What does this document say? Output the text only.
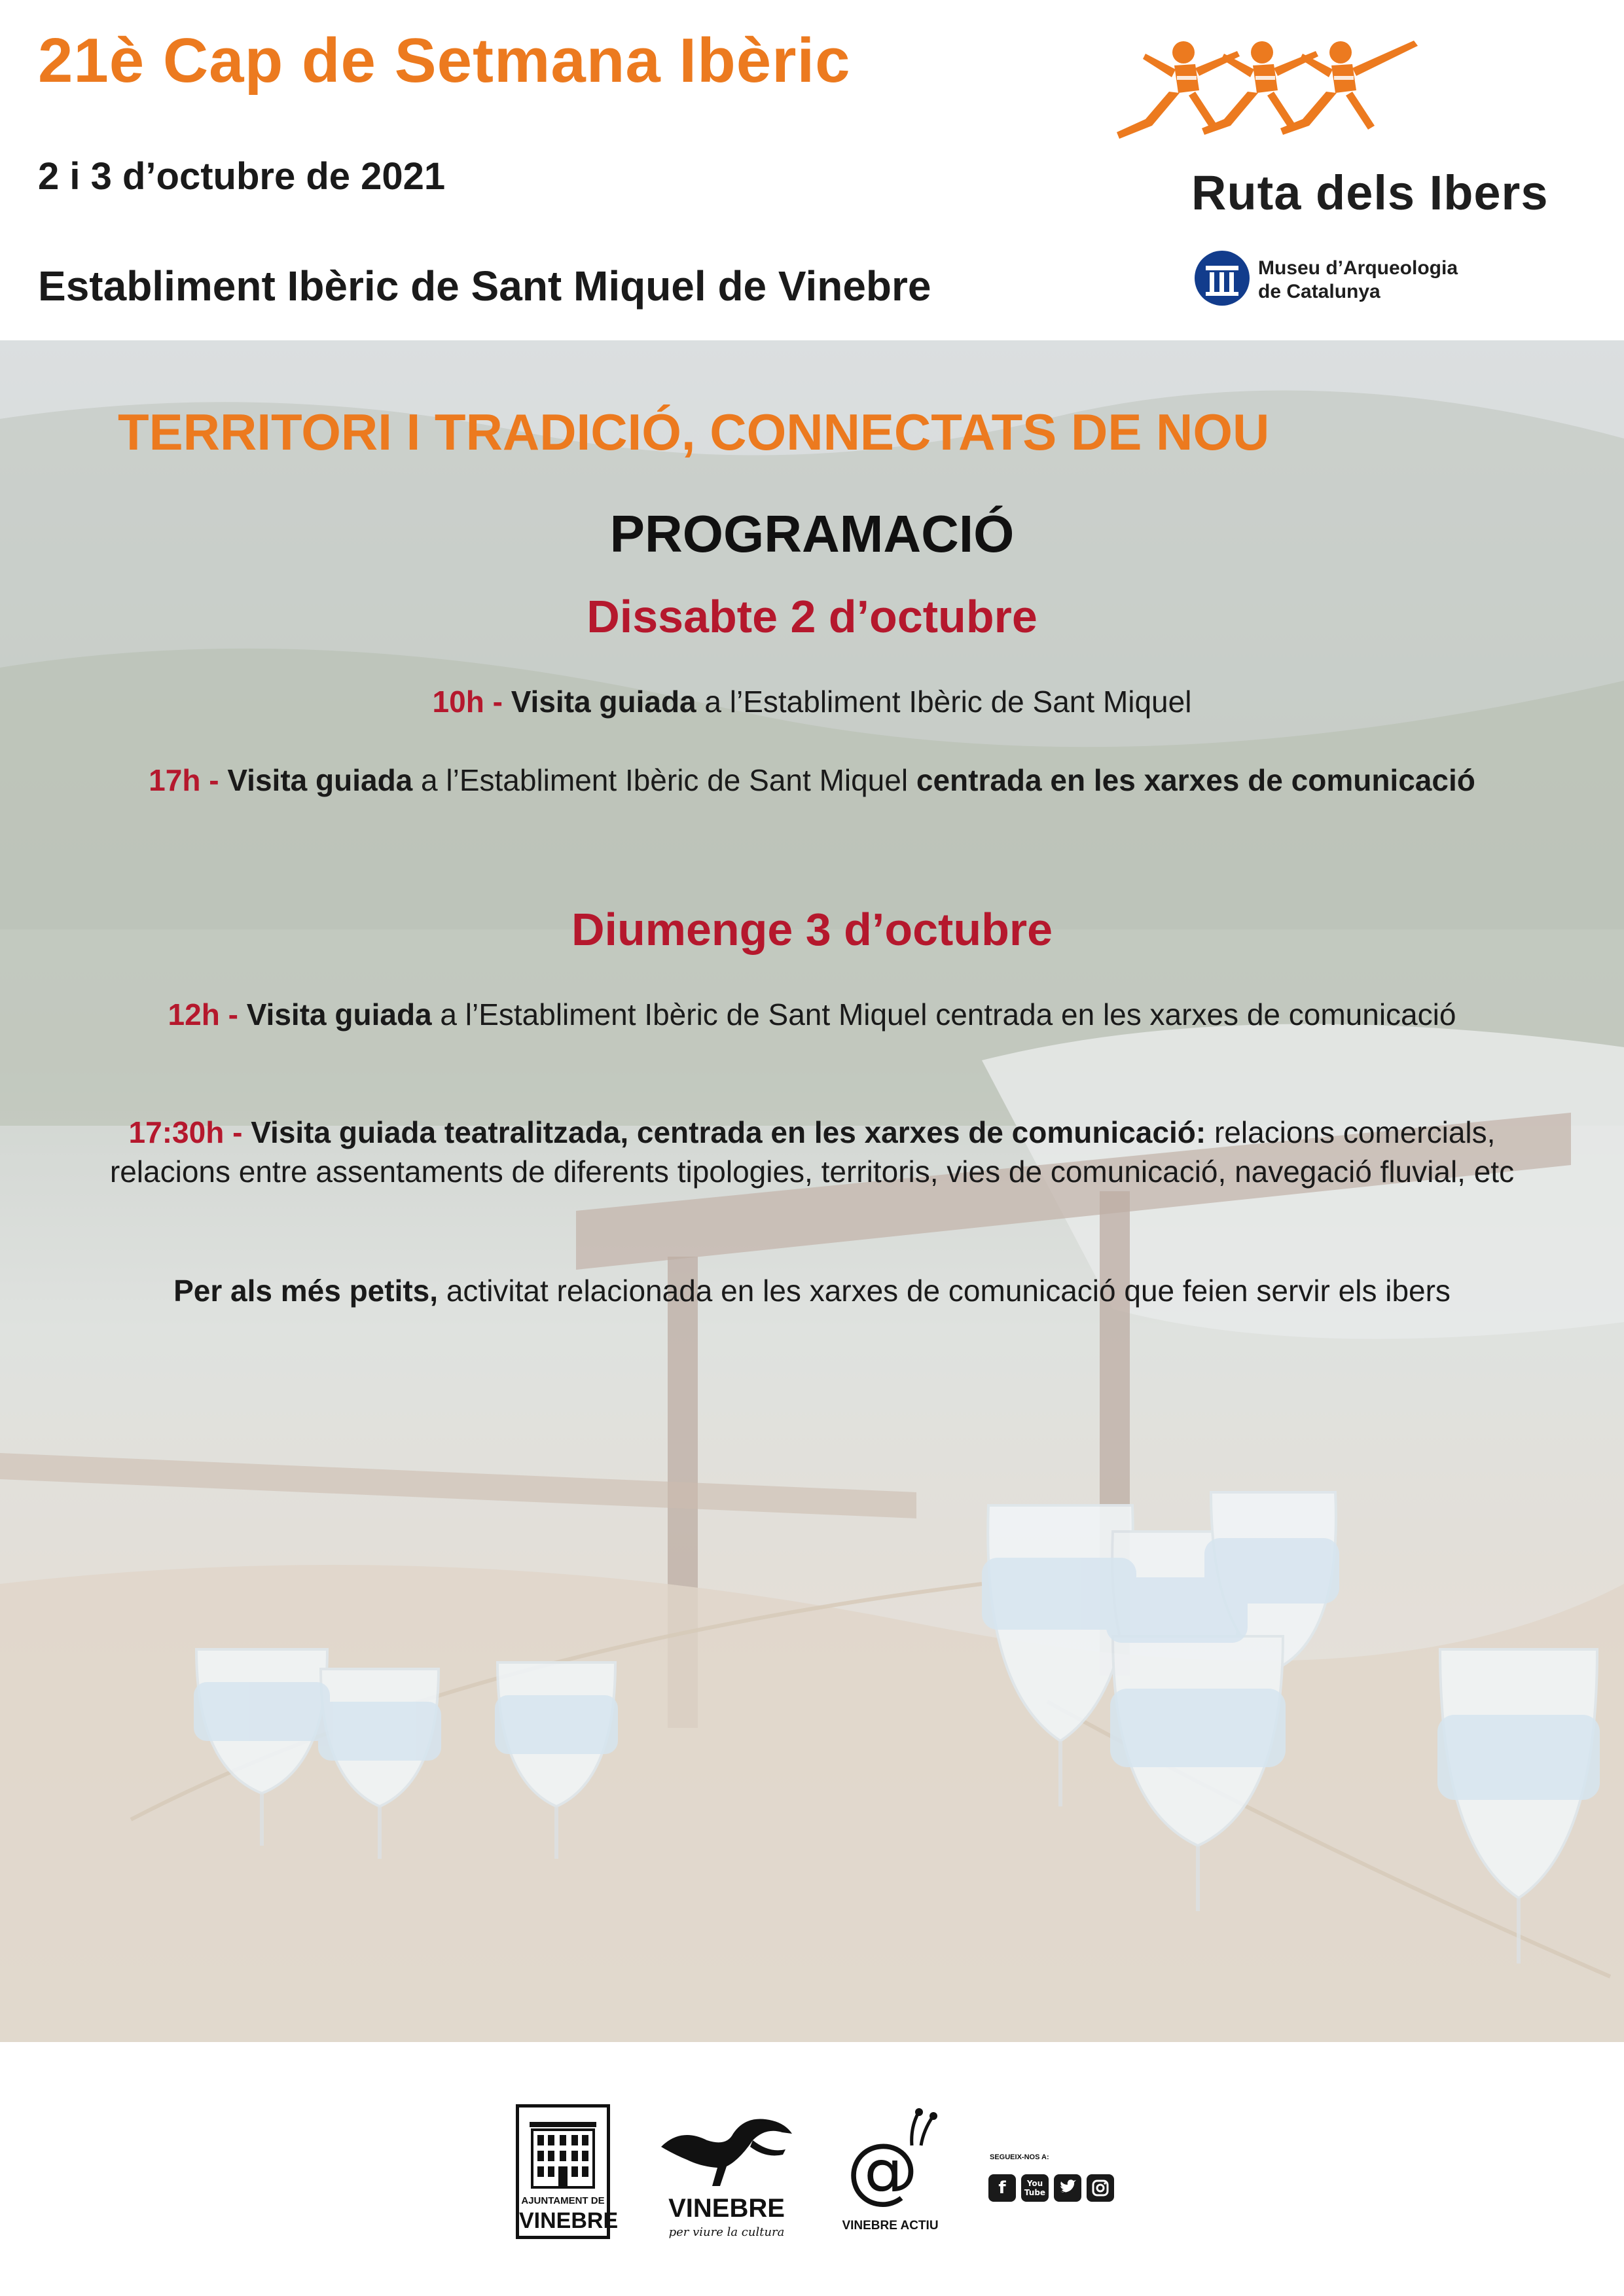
21è Cap de Setmana Ibèric
2 i 3 d’octubre de 2021
Establiment Ibèric de Sant Miquel de Vinebre
Ruta dels Ibers
Museu d’Arqueologia
de Catalunya
TERRITORI I TRADICIÓ, CONNECTATS DE NOU
PROGRAMACIÓ
Dissabte 2 d’octubre
10h - Visita guiada a l’Establiment Ibèric de Sant Miquel
17h - Visita guiada a l’Establiment Ibèric de Sant Miquel centrada en les xarxes de comunicació
Diumenge 3 d’octubre
12h - Visita guiada a l’Establiment Ibèric de Sant Miquel centrada en les xarxes de comunicació
17:30h - Visita guiada teatralitzada, centrada en les xarxes de comunicació: relacions comercials, relacions entre assentaments de diferents tipologies, territoris, vies de comunicació, navegació fluvial, etc
Per als més petits, activitat relacionada en les xarxes de comunicació que feien servir els ibers
AJUNTAMENT DE
VINEBRE	VINEBRE
per viure la cultura
@
VINEBRE ACTIU
SEGUEIX-NOS A:
f	You Tube
